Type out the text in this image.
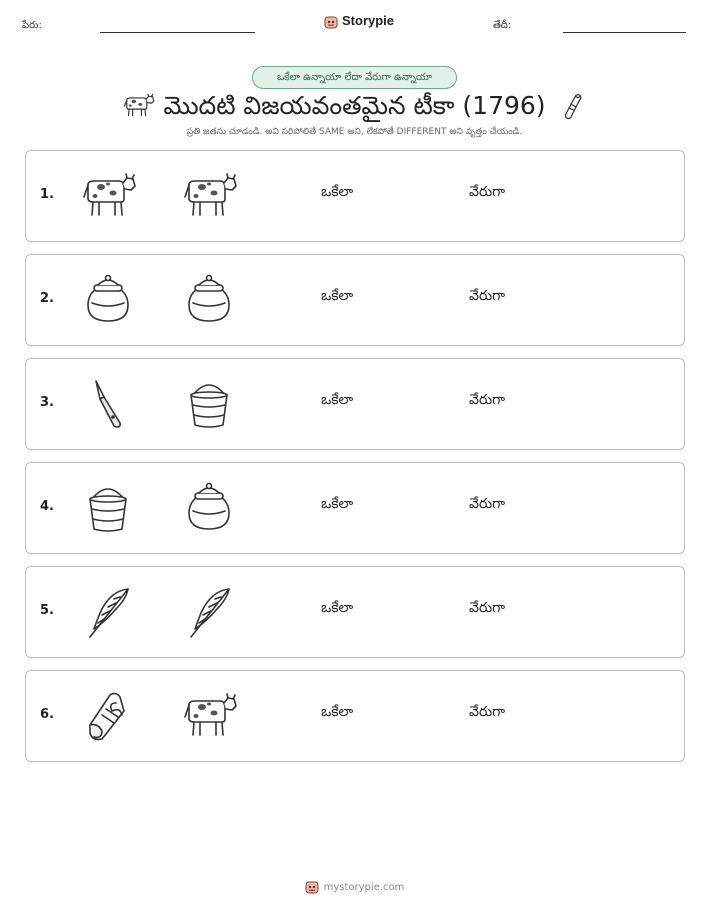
పేరు:	Storypie	తేదీ:
ఒకేలా ఉన్నాయా లేదా వేరుగా ఉన్నాయా
మొదటి విజయవంతమైన టీకా (1796)
ప్రతి జతను చూడండి. అవి సరిపోలితే SAME అని, లేకపోతే DIFFERENT అని వృత్తం చేయండి.
1.	ఒకేలా	వేరుగా
2.	ఒకేలా	వేరుగా
3.	ఒకేలా	వేరుగా
4.	ఒకేలా	వేరుగా
5.	ఒకేలా	వేరుగా
6.	ఒకేలా	వేరుగా
mystorypie.com
